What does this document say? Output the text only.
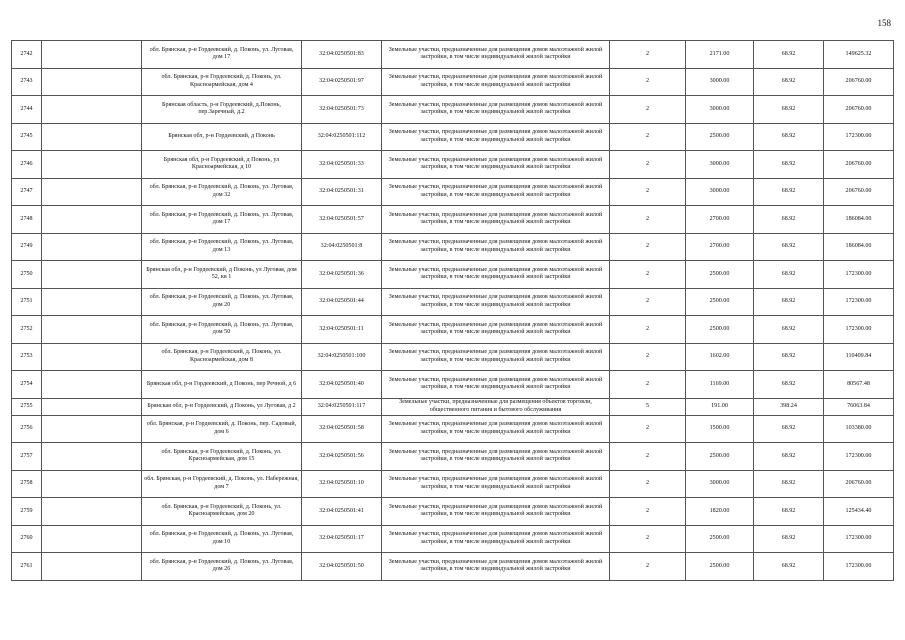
158
2742		обл. Брянская, р-н Гордеевский, д. Поконь, ул. Луговая, дом 17	32:04:0250501:83	Земельные участки, предназначенные для размещения домов малоэтажной жилой застройки, в том числе индивидуальной жилой застройки	2	2171.00	68.92	149625.32
2743		обл. Брянская, р-н Гордеевский, д. Поконь, ул. Красноармейская, дом 4	32:04:0250501:97	Земельные участки, предназначенные для размещения домов малоэтажной жилой застройки, в том числе индивидуальной жилой застройки	2	3000.00	68.92	206760.00
2744		Брянская область, р-н Гордеевский, д.Поконь, пер.Заречный, д.2	32:04:0250501:73	Земельные участки, предназначенные для размещения домов малоэтажной жилой застройки, в том числе индивидуальной жилой застройки	2	3000.00	68.92	206760.00
2745		Брянская обл, р-н Гордеевский, д Поконь	32:04:0250501:112	Земельные участки, предназначенные для размещения домов малоэтажной жилой застройки, в том числе индивидуальной жилой застройки	2	2500.00	68.92	172300.00
2746		Брянская обл, р-н Гордеевский, д Поконь, ул Красноармейская, д 10	32:04:0250501:33	Земельные участки, предназначенные для размещения домов малоэтажной жилой застройки, в том числе индивидуальной жилой застройки	2	3000.00	68.92	206760.00
2747		обл. Брянская, р-н Гордеевский, д. Поконь, ул. Луговая, дом 32	32:04:0250501:31	Земельные участки, предназначенные для размещения домов малоэтажной жилой застройки, в том числе индивидуальной жилой застройки	2	3000.00	68.92	206760.00
2748		обл. Брянская, р-н Гордеевский, д. Поконь, ул. Луговая, дом 17	32:04:0250501:57	Земельные участки, предназначенные для размещения домов малоэтажной жилой застройки, в том числе индивидуальной жилой застройки	2	2700.00	68.92	186084.00
2749		обл. Брянская, р-н Гордеевский, д. Поконь, ул. Луговая, дом 13	32:04:0250501:8	Земельные участки, предназначенные для размещения домов малоэтажной жилой застройки, в том числе индивидуальной жилой застройки	2	2700.00	68.92	186084.00
2750		Брянская обл, р-н Гордеевский, д Поконь, ул Луговая, дом 52, кв 1	32:04:0250501:36	Земельные участки, предназначенные для размещения домов малоэтажной жилой застройки, в том числе индивидуальной жилой застройки	2	2500.00	68.92	172300.00
2751		обл. Брянская, р-н Гордеевский, д. Поконь, ул. Луговая, дом 20	32:04:0250501:44	Земельные участки, предназначенные для размещения домов малоэтажной жилой застройки, в том числе индивидуальной жилой застройки	2	2500.00	68.92	172300.00
2752		обл. Брянская, р-н Гордеевский, д. Поконь, ул. Луговая, дом 50	32:04:0250501:11	Земельные участки, предназначенные для размещения домов малоэтажной жилой застройки, в том числе индивидуальной жилой застройки	2	2500.00	68.92	172300.00
2753		обл. Брянская, р-н Гордеевский, д. Поконь, ул. Красноармейская, дом 8	32:04:0250501:100	Земельные участки, предназначенные для размещения домов малоэтажной жилой застройки, в том числе индивидуальной жилой застройки	2	1602.00	68.92	110409.84
2754		Брянская обл, р-н Гордеевский, д Поконь, пер Речной, д 6	32:04:0250501:40	Земельные участки, предназначенные для размещения домов малоэтажной жилой застройки, в том числе индивидуальной жилой застройки	2	1169.00	68.92	80567.48
2755		Брянская обл, р-н Гордеевский, д Поконь, ул Луговая, д 2	32:04:0250501:117	Земельные участки, предназначенные для размещения объектов торговли, общественного питания и бытового обслуживания	5	191.00	398.24	76063.84
2756		обл. Брянская, р-н Гордеевский, д. Поконь, пер. Садовый, дом 6	32:04:0250501:58	Земельные участки, предназначенные для размещения домов малоэтажной жилой застройки, в том числе индивидуальной жилой застройки	2	1500.00	68.92	103380.00
2757		обл. Брянская, р-н Гордеевский, д. Поконь, ул. Красноармейская, дом 15	32:04:0250501:56	Земельные участки, предназначенные для размещения домов малоэтажной жилой застройки, в том числе индивидуальной жилой застройки	2	2500.00	68.92	172300.00
2758		обл. Брянская, р-н Гордеевский, д. Поконь, ул. Набережная, дом 7	32:04:0250501:10	Земельные участки, предназначенные для размещения домов малоэтажной жилой застройки, в том числе индивидуальной жилой застройки	2	3000.00	68.92	206760.00
2759		обл. Брянская, р-н Гордеевский, д. Поконь, ул. Красноармейская, дом 20	32:04:0250501:41	Земельные участки, предназначенные для размещения домов малоэтажной жилой застройки, в том числе индивидуальной жилой застройки	2	1820.00	68.92	125434.40
2760		обл. Брянская, р-н Гордеевский, д. Поконь, ул. Луговая, дом 10	32:04:0250501:17	Земельные участки, предназначенные для размещения домов малоэтажной жилой застройки, в том числе индивидуальной жилой застройки	2	2500.00	68.92	172300.00
2761		обл. Брянская, р-н Гордеевский, д. Поконь, ул. Луговая, дом 26	32:04:0250501:50	Земельные участки, предназначенные для размещения домов малоэтажной жилой застройки, в том числе индивидуальной жилой застройки	2	2500.00	68.92	172300.00
